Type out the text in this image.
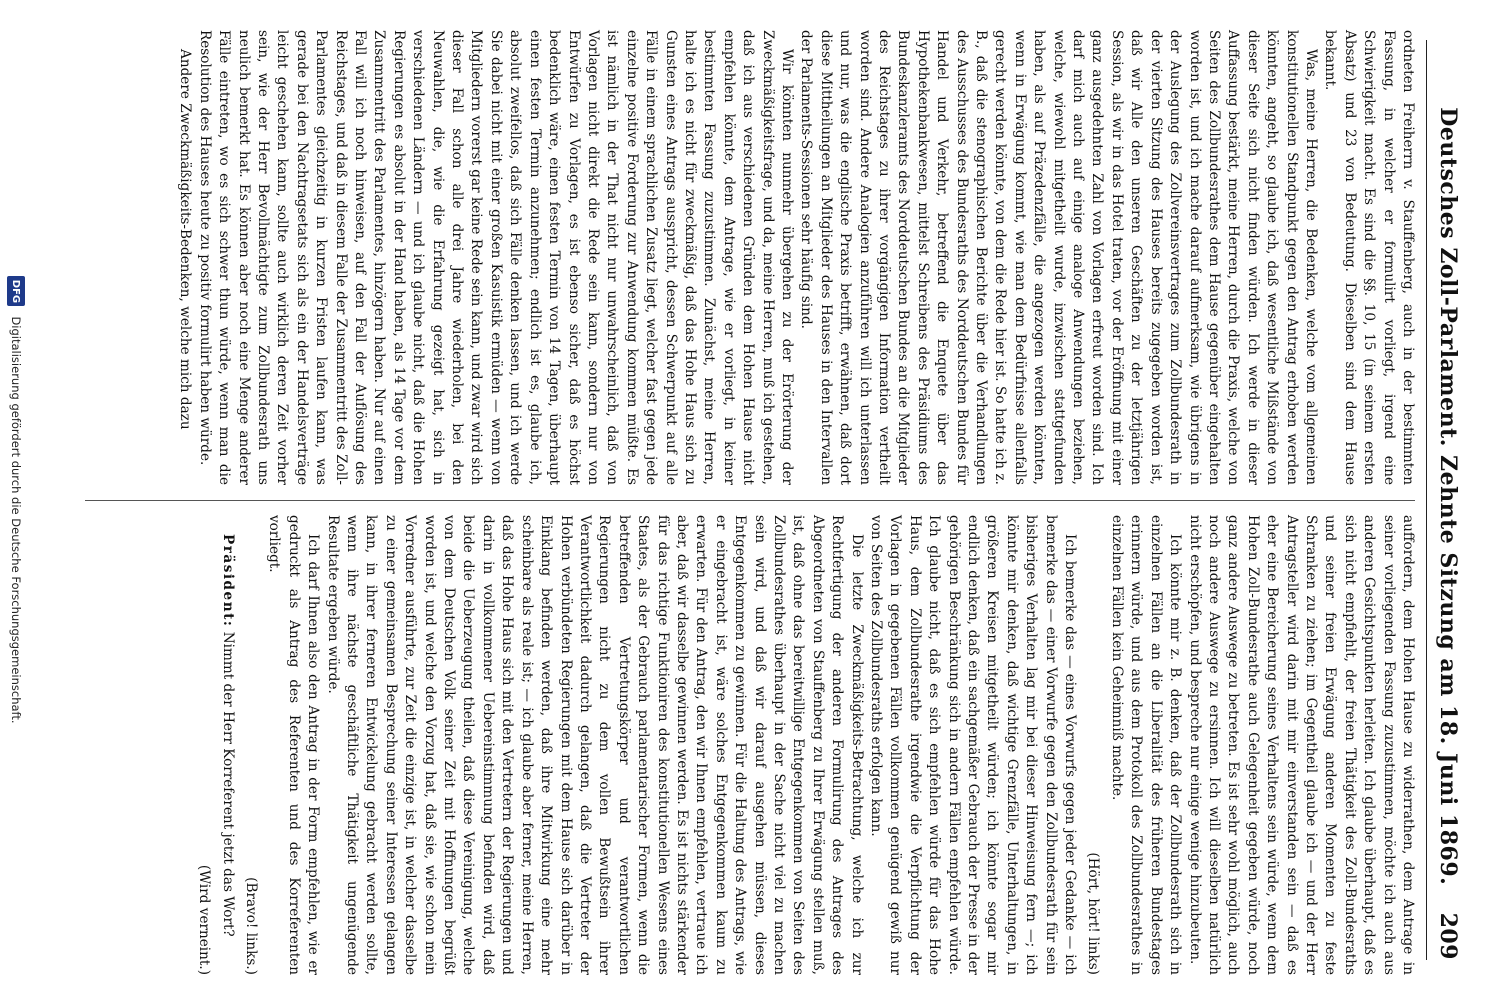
Deutsches Zoll-Parlament. Zehnte Sitzung am 18. Juni 1869.
209

ordneten Freiherrn v. Stauffenberg, auch in der bestimmten Fassung, in welcher er formulirt vorliegt, irgend eine Schwierigkeit macht. Es sind die §§. 10, 15 (in seinem ersten Absatz) und 23 von Bedeutung. Dieselben sind dem Hause bekannt.

Was, meine Herren, die Bedenken, welche vom allgemeinen konstitutionellen Standpunkt gegen den Antrag erhoben werden könnten, angeht, so glaube ich, daß wesentliche Mißstände von dieser Seite sich nicht finden würden. Ich werde in dieser Auffassung bestärkt, meine Herren, durch die Praxis, welche von Seiten des Zollbundesrathes dem Hause gegenüber eingehalten worden ist, und ich mache darauf aufmerksam, wie übrigens in der Auslegung des Zollvereinsvertrages zum Zollbundesrath in der vierten Sitzung des Hauses bereits zugegeben worden ist, daß wir Alle den unseren Geschäften zu der letztjährigen Session, als wir in das Hotel traten, vor der Eröffnung mit einer ganz ausgedehnten Zahl von Vorlagen erfreut worden sind. Ich darf mich auch auf einige analoge Anwendungen beziehen, welche, wiewohl mitgetheilt wurde, inzwischen stattgefunden haben, als auf Präzedenzfälle, die angezogen werden könnten, wenn in Erwägung kommt, wie man dem Bedürfnisse allenfalls gerecht werden könnte, von dem die Rede hier ist. So hatte ich z. B., daß die stenographischen Berichte über die Verhandlungen des Ausschusses des Bundesraths des Norddeutschen Bundes für Handel und Verkehr, betreffend die Enquete über das Hypothekenbankwesen, mittelst Schreibens des Präsidiums des Bundeskanzleramts des Norddeutschen Bundes an die Mitglieder des Reichstages zu ihrer vorgängigen Information vertheilt worden sind. Andere Analogien anzuführen will ich unterlassen und nur, was die englische Praxis betrifft, erwähnen, daß dort diese Mittheilungen an Mitglieder des Hauses in den Intervallen der Parlaments-Sessionen sehr häufig sind.

Wir könnten nunmehr übergehen zu der Erörterung der Zweckmäßigkeitsfrage, und da, meine Herren, muß ich gestehen, daß ich aus verschiedenen Gründen dem Hohen Hause nicht empfehlen könnte, dem Antrage, wie er vorliegt, in keiner bestimmten Fassung zuzustimmen. Zunächst, meine Herren, halte ich es nicht für zweckmäßig, daß das Hohe Haus sich zu Gunsten eines Antrags ausspricht, dessen Schwerpunkt auf alle Fälle in einem sprachlichen Zusatz liegt, welcher fast gegen jede einzelne positive Forderung zur Anwendung kommen müßte. Es ist nämlich in der That nicht nur unwahrscheinlich, daß von Vorlagen nicht direkt die Rede sein kann, sondern nur von Entwürfen zu Vorlagen, es ist ebenso sicher, daß es höchst bedenklich wäre, einen festen Termin von 14 Tagen, überhaupt einen festen Termin anzunehmen; endlich ist es, glaube ich, absolut zweifellos, daß sich Fälle denken lassen, und ich werde Sie dabei nicht mit einer großen Kasuistik ermüden — wenn von Mitgliedern vorerst gar keine Rede sein kann, und zwar wird sich dieser Fall schon alle drei Jahre wiederholen, bei den Neuwahlen, die, wie die Erfahrung gezeigt hat, sich in verschiedenen Ländern — und ich glaube nicht, daß die Hohen Regierungen es absolut in der Hand haben, als 14 Tage vor dem Zusammentritt des Parlamentes, hinzögern haben. Nur auf einen Fall will ich noch hinweisen, auf den Fall der Auflösung des Reichstages, und daß in diesem Falle der Zusammentritt des Zoll-Parlamentes gleichzeitig in kurzen Fristen laufen kann, was gerade bei den Nachtragsetats sich als ein der Handelsverträge leicht geschehen kann, sollte auch wirklich deren Zeit vorher sein, wie der Herr Bevollmächtigte zum Zollbundesrath uns neulich bemerkt hat. Es können aber noch eine Menge anderer Fälle eintreten, wo es sich schwer thun würde, wenn man die Resolution des Hauses heute zu positiv formulirt haben würde.

Andere Zweckmäßigkeits-Bedenken, welche mich dazu

auffordern, dem Hohen Hause zu widerrathen, dem Antrage in seiner vorliegenden Fassung zuzustimmen, möchte ich auch aus anderen Gesichtspunkten herleiten. Ich glaube überhaupt, daß es sich nicht empfiehlt, der freien Thätigkeit des Zoll-Bundesraths und seiner freien Erwägung anderen Momenten zu feste Schranken zu ziehen; im Gegentheil glaube ich — und der Herr Antragsteller wird darin mit mir einverstanden sein — daß es eher eine Bereicherung seines Verhaltens sein würde, wenn dem Hohen Zoll-Bundesrathe auch Gelegenheit gegeben würde, noch ganz andere Auswege zu betreten. Es ist sehr wohl möglich, auch noch andere Auswege zu ersinnen. Ich will dieselben natürlich nicht erschöpfen, und bespreche nur einige wenige hinzubeuten.

Ich könnte mir z. B. denken, daß der Zollbundesrath sich in einzelnen Fällen an die Liberalität des früheren Bundestages erinnern würde, und aus dem Protokoll des Zollbundesrathes in einzelnen Fällen kein Geheimniß machte.

(Hört, hört! links)

Ich bemerke das — eines Vorwurfs gegen jeder Gedanke — ich bemerke das — einer Vorwurfe gegen den Zollbundesrath für sein bisheriges Verhalten lag mir bei dieser Hinweisung fern —; ich könnte mir denken, daß wichtige Grenzfälle, Unterhaltungen, in größeren Kreisen mitgetheilt würden; ich könnte sogar mir endlich denken, daß ein sachgemäßer Gebrauch der Presse in der gehörigen Beschränkung sich in andern Fällen empfehlen würde. Ich glaube nicht, daß es sich empfehlen würde für das Hohe Haus, dem Zollbundesrathe irgendwie die Verpflichtung der Vorlagen in gegebenen Fällen vollkommen genügend gewiß nur von Seiten des Zollbundesraths erfolgen kann.

Die letzte Zweckmäßigkeits-Betrachtung, welche ich zur Rechtfertigung der anderen Formulirung des Antrages des Abgeordneten von Stauffenberg zu Ihrer Erwägung stellen muß, ist, daß ohne das bereitwillige Entgegenkommen von Seiten des Zollbundesrathes überhaupt in der Sache nicht viel zu machen sein wird, und daß wir darauf ausgehen müssen, dieses Entgegenkommen zu gewinnen. Für die Haltung des Antrags, wie er eingebracht ist, wäre solches Entgegenkommen kaum zu erwarten. Für den Antrag, den wir Ihnen empfehlen, vertraue ich aber, daß wir dasselbe gewinnen werden. Es ist nichts stärkender für das richtige Funktioniren des konstitutionellen Wesens eines Staates, als der Gebrauch parlamentarischer Formen, wenn die betreffenden Vertretungskörper und verantwortlichen Regierungen nicht zu dem vollen Bewußtsein ihrer Verantwortlichkeit dadurch gelangen, daß die Vertreter der Hohen verbündeten Regierungen mit dem Hause sich darüber in Einklang befinden werden, daß ihre Mitwirkung eine mehr scheinbare als reale ist; — ich glaube aber ferner, meine Herren, daß das Hohe Haus sich mit den Vertretern der Regierungen und darin in vollkommener Uebereinstimmung befinden wird, daß beide die Ueberzeugung theilen, daß diese Vereinigung, welche von dem Deutschen Volk seiner Zeit mit Hoffnungen begrüßt worden ist, und welche den Vorzug hat, daß sie, wie schon mein Vorredner ausführte, zur Zeit die einzige ist, in welcher dasselbe zu einer gemeinsamen Besprechung seiner Interessen gelangen kann, in ihrer ferneren Entwickelung gebracht werden sollte, wenn ihre nächste geschäftliche Thätigkeit ungenügende Resultate ergeben würde.

Ich darf Ihnen also den Antrag in der Form empfehlen, wie er gedruckt als Antrag des Referenten und des Korreferenten vorliegt.

(Bravo! links.)

Präsident: Nimmt der Herr Korreferent jetzt das Wort?

(Wird verneint.)

DFG
Digitalisierung gefördert durch die Deutsche Forschungsgemeinschaft.
